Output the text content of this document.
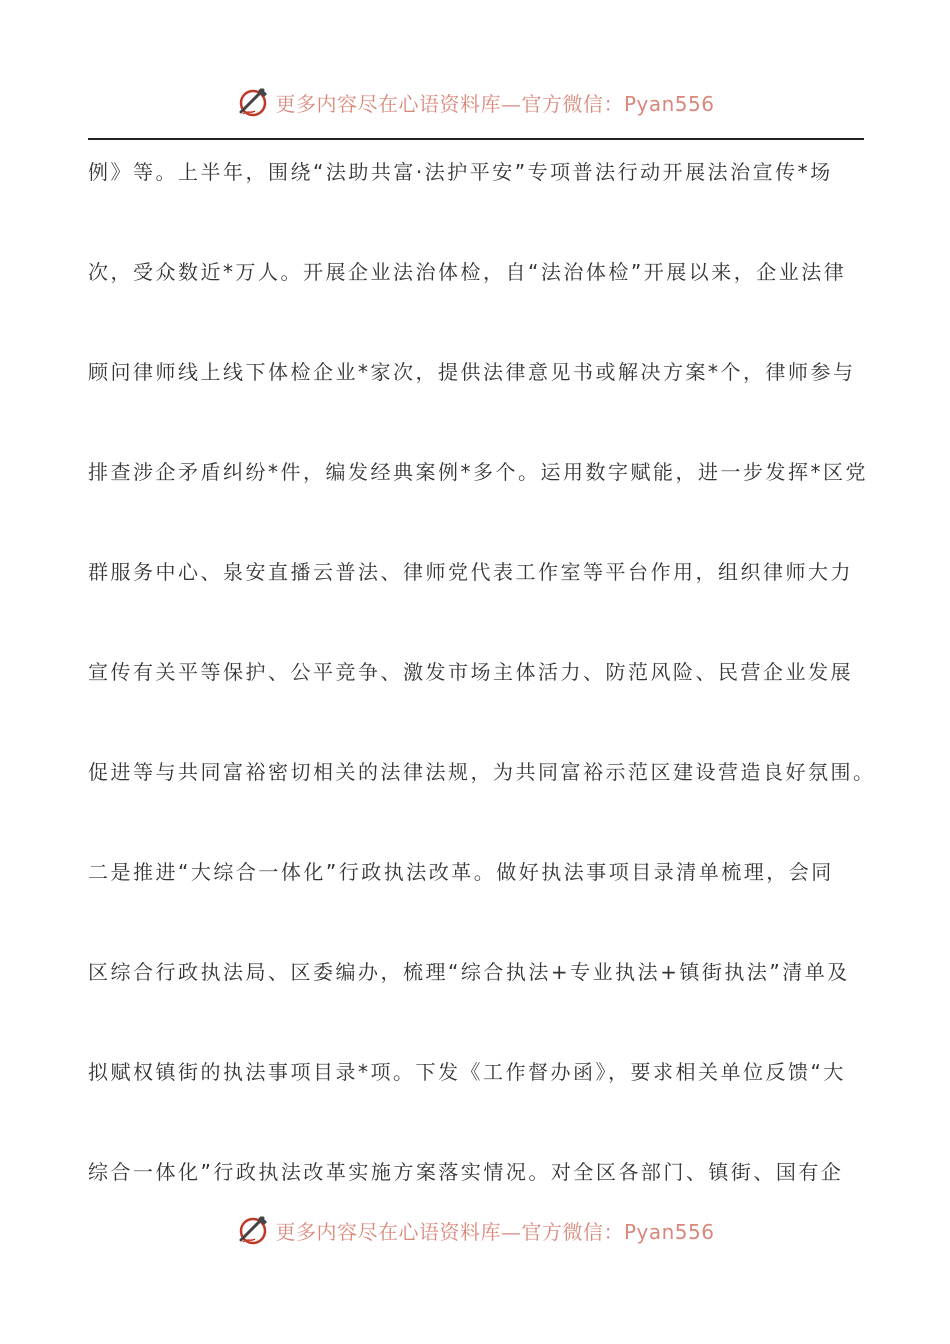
更多内容尽在心语资料库—官方微信：Pyan556
例》等。上半年，围绕“法助共富·法护平安”专项普法行动开展法治宣传*场
次，受众数近*万人。开展企业法治体检，自“法治体检”开展以来，企业法律
顾问律师线上线下体检企业*家次，提供法律意见书或解决方案*个，律师参与
排查涉企矛盾纠纷*件，编发经典案例*多个。运用数字赋能，进一步发挥*区党
群服务中心、泉安直播云普法、律师党代表工作室等平台作用，组织律师大力
宣传有关平等保护、公平竞争、激发市场主体活力、防范风险、民营企业发展
促进等与共同富裕密切相关的法律法规，为共同富裕示范区建设营造良好氛围。
二是推进“大综合一体化”行政执法改革。做好执法事项目录清单梳理，会同
区综合行政执法局、区委编办，梳理“综合执法+专业执法+镇街执法”清单及
拟赋权镇街的执法事项目录*项。下发《工作督办函》，要求相关单位反馈“大
综合一体化”行政执法改革实施方案落实情况。对全区各部门、镇街、国有企
更多内容尽在心语资料库—官方微信：Pyan556
